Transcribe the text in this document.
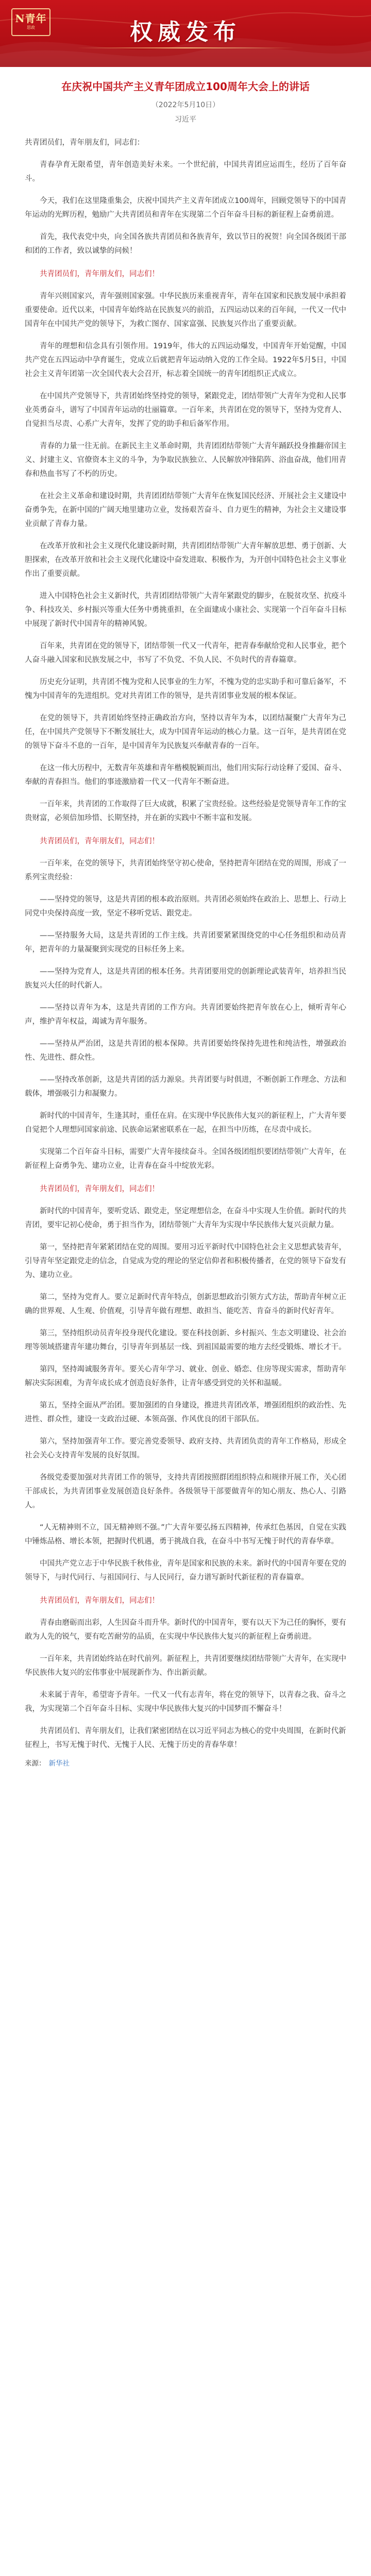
N青年
思政	权威发布
在庆祝中国共产主义青年团成立100周年大会上的讲话
（2022年5月10日）
习近平

共青团员们，青年朋友们，同志们：

青春孕育无限希望，青年创造美好未来。一个世纪前，中国共青团应运而生，经历了百年奋斗。

今天，我们在这里隆重集会，庆祝中国共产主义青年团成立100周年，回顾党领导下的中国青年运动的光辉历程，勉励广大共青团员和青年在实现第二个百年奋斗目标的新征程上奋勇前进。

首先，我代表党中央，向全国各族共青团员和各族青年，致以节日的祝贺！向全国各级团干部和团的工作者，致以诚挚的问候！

共青团员们，青年朋友们，同志们！

青年兴则国家兴，青年强则国家强。中华民族历来重视青年，青年在国家和民族发展中承担着重要使命。近代以来，中国青年始终站在民族复兴的前沿，五四运动以来的百年间，一代又一代中国青年在中国共产党的领导下，为救亡图存、国家富强、民族复兴作出了重要贡献。

青年的理想和信念具有引领作用。1919年，伟大的五四运动爆发，中国青年开始觉醒，中国共产党在五四运动中孕育诞生，党成立后就把青年运动纳入党的工作全局。1922年5月5日，中国社会主义青年团第一次全国代表大会召开，标志着全国统一的青年团组织正式成立。

在中国共产党领导下，共青团始终坚持党的领导，紧跟党走，团结带领广大青年为党和人民事业英勇奋斗，谱写了中国青年运动的壮丽篇章。一百年来，共青团在党的领导下，坚持为党育人、自觉担当尽责、心系广大青年，发挥了党的助手和后备军作用。

青春的力量一往无前。在新民主主义革命时期，共青团团结带领广大青年踊跃投身推翻帝国主义、封建主义、官僚资本主义的斗争，为争取民族独立、人民解放冲锋陷阵、浴血奋战，他们用青春和热血书写了不朽的历史。

在社会主义革命和建设时期，共青团团结带领广大青年在恢复国民经济、开展社会主义建设中奋勇争先，在新中国的广阔天地里建功立业，发扬艰苦奋斗、自力更生的精神，为社会主义建设事业贡献了青春力量。

在改革开放和社会主义现代化建设新时期，共青团团结带领广大青年解放思想、勇于创新、大胆探索，在改革开放和社会主义现代化建设中奋发进取、积极作为，为开创中国特色社会主义事业作出了重要贡献。

进入中国特色社会主义新时代，共青团团结带领广大青年紧跟党的脚步，在脱贫攻坚、抗疫斗争、科技攻关、乡村振兴等重大任务中勇挑重担，在全面建成小康社会、实现第一个百年奋斗目标中展现了新时代中国青年的精神风貌。

百年来，共青团在党的领导下，团结带领一代又一代青年，把青春奉献给党和人民事业，把个人奋斗融入国家和民族发展之中，书写了不负党、不负人民、不负时代的青春篇章。

历史充分证明，共青团不愧为党和人民事业的生力军，不愧为党的忠实助手和可靠后备军，不愧为中国青年的先进组织。党对共青团工作的领导，是共青团事业发展的根本保证。

在党的领导下，共青团始终坚持正确政治方向，坚持以青年为本，以团结凝聚广大青年为己任，在中国共产党领导下不断发展壮大，成为中国青年运动的核心力量。这一百年，是共青团在党的领导下奋斗不息的一百年，是中国青年为民族复兴奉献青春的一百年。

在这一伟大历程中，无数青年英雄和青年楷模脱颖而出，他们用实际行动诠释了爱国、奋斗、奉献的青春担当。他们的事迹激励着一代又一代青年不断奋进。

一百年来，共青团的工作取得了巨大成就，积累了宝贵经验。这些经验是党领导青年工作的宝贵财富，必须倍加珍惜、长期坚持，并在新的实践中不断丰富和发展。

共青团员们，青年朋友们，同志们！

一百年来，在党的领导下，共青团始终坚守初心使命，坚持把青年团结在党的周围，形成了一系列宝贵经验：

——坚持党的领导，这是共青团的根本政治原则。共青团必须始终在政治上、思想上、行动上同党中央保持高度一致，坚定不移听党话、跟党走。

——坚持服务大局，这是共青团的工作主线。共青团要紧紧围绕党的中心任务组织和动员青年，把青年的力量凝聚到实现党的目标任务上来。

——坚持为党育人，这是共青团的根本任务。共青团要用党的创新理论武装青年，培养担当民族复兴大任的时代新人。

——坚持以青年为本，这是共青团的工作方向。共青团要始终把青年放在心上，倾听青年心声，维护青年权益，竭诚为青年服务。

——坚持从严治团，这是共青团的根本保障。共青团要始终保持先进性和纯洁性，增强政治性、先进性、群众性。

——坚持改革创新，这是共青团的活力源泉。共青团要与时俱进，不断创新工作理念、方法和载体，增强吸引力和凝聚力。

新时代的中国青年，生逢其时，重任在肩。在实现中华民族伟大复兴的新征程上，广大青年要自觉把个人理想同国家前途、民族命运紧密联系在一起，在担当中历练，在尽责中成长。

实现第二个百年奋斗目标，需要广大青年接续奋斗。全国各级团组织要团结带领广大青年，在新征程上奋勇争先、建功立业，让青春在奋斗中绽放光彩。

共青团员们，青年朋友们，同志们！

新时代的中国青年，要听党话、跟党走，坚定理想信念，在奋斗中实现人生价值。新时代的共青团，要牢记初心使命，勇于担当作为，团结带领广大青年为实现中华民族伟大复兴贡献力量。

第一，坚持把青年紧紧团结在党的周围。要用习近平新时代中国特色社会主义思想武装青年，引导青年坚定跟党走的信念，自觉成为党的理论的坚定信仰者和积极传播者，在党的领导下奋发有为、建功立业。

第二，坚持为党育人。要立足新时代青年特点，创新思想政治引领方式方法，帮助青年树立正确的世界观、人生观、价值观，引导青年做有理想、敢担当、能吃苦、肯奋斗的新时代好青年。

第三，坚持组织动员青年投身现代化建设。要在科技创新、乡村振兴、生态文明建设、社会治理等领域搭建青年建功舞台，引导青年到基层一线、到祖国最需要的地方去经受锻炼、增长才干。

第四，坚持竭诚服务青年。要关心青年学习、就业、创业、婚恋、住房等现实需求，帮助青年解决实际困难，为青年成长成才创造良好条件，让青年感受到党的关怀和温暖。

第五，坚持全面从严治团。要加强团的自身建设，推进共青团改革，增强团组织的政治性、先进性、群众性，建设一支政治过硬、本领高强、作风优良的团干部队伍。

第六，坚持加强青年工作。要完善党委领导、政府支持、共青团负责的青年工作格局，形成全社会关心支持青年发展的良好氛围。

各级党委要加强对共青团工作的领导，支持共青团按照群团组织特点和规律开展工作，关心团干部成长，为共青团事业发展创造良好条件。各级领导干部要做青年的知心朋友、热心人、引路人。

“人无精神则不立，国无精神则不强。”广大青年要弘扬五四精神，传承红色基因，自觉在实践中锤炼品格、增长本领，把握时代机遇，勇于挑战自我，在奋斗中书写无愧于时代的青春华章。

中国共产党立志于中华民族千秋伟业，青年是国家和民族的未来。新时代的中国青年要在党的领导下，与时代同行、与祖国同行、与人民同行，奋力谱写新时代新征程的青春篇章。

共青团员们，青年朋友们，同志们！

青春由磨砺而出彩，人生因奋斗而升华。新时代的中国青年，要有以天下为己任的胸怀，要有敢为人先的锐气，要有吃苦耐劳的品质，在实现中华民族伟大复兴的新征程上奋勇前进。

一百年来，共青团始终站在时代前列。新征程上，共青团要继续团结带领广大青年，在实现中华民族伟大复兴的宏伟事业中展现新作为、作出新贡献。

未来属于青年，希望寄予青年。一代又一代有志青年，将在党的领导下，以青春之我、奋斗之我，为实现第二个百年奋斗目标、实现中华民族伟大复兴的中国梦而不懈奋斗！

共青团员们、青年朋友们，让我们紧密团结在以习近平同志为核心的党中央周围，在新时代新征程上，书写无愧于时代、无愧于人民、无愧于历史的青春华章！

来源： 新华社
